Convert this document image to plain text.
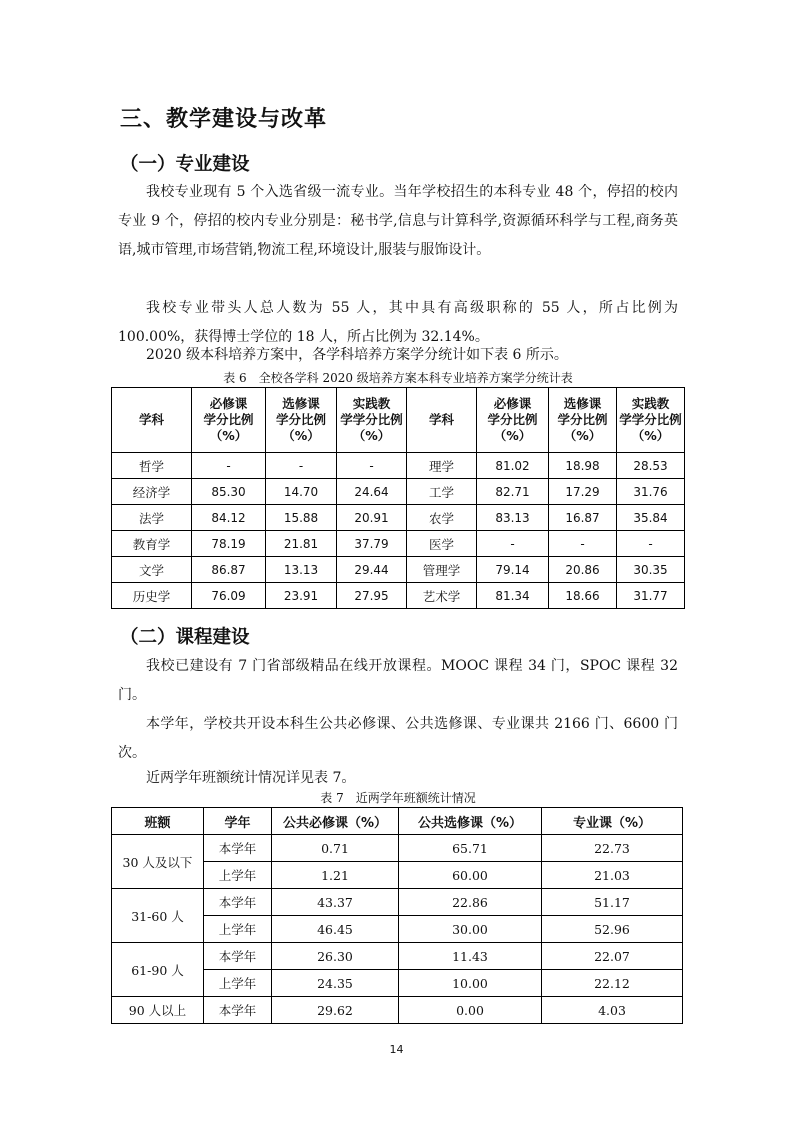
三、教学建设与改革
（一）专业建设

我校专业现有 5 个入选省级一流专业。当年学校招生的本科专业 48 个，停招的校内专业 9 个，停招的校内专业分别是：秘书学,信息与计算科学,资源循环科学与工程,商务英语,城市管理,市场营销,物流工程,环境设计,服装与服饰设计。

我校专业带头人总人数为 55 人，其中具有高级职称的 55 人，所占比例为 100.00%，获得博士学位的 18 人，所占比例为 32.14%。

2020 级本科培养方案中，各学科培养方案学分统计如下表 6 所示。

表 6　全校各学科 2020 级培养方案本科专业培养方案学分统计表

学科	必修课
学分比例
（%）	选修课
学分比例
（%）	实践教
学学分比例
（%）	学科	必修课
学分比例
（%）	选修课
学分比例
（%）	实践教
学学分比例
（%）
哲学	-	-	-	理学	81.02	18.98	28.53
经济学	85.30	14.70	24.64	工学	82.71	17.29	31.76
法学	84.12	15.88	20.91	农学	83.13	16.87	35.84
教育学	78.19	21.81	37.79	医学	-	-	-
文学	86.87	13.13	29.44	管理学	79.14	20.86	30.35
历史学	76.09	23.91	27.95	艺术学	81.34	18.66	31.77
（二）课程建设

我校已建设有 7 门省部级精品在线开放课程。MOOC 课程 34 门，SPOC 课程 32 门。

本学年，学校共开设本科生公共必修课、公共选修课、专业课共 2166 门、6600 门次。

近两学年班额统计情况详见表 7。

表 7　近两学年班额统计情况

班额	学年	公共必修课（%）	公共选修课（%）	专业课（%）
30 人及以下	本学年	0.71	65.71	22.73
	上学年	1.21	60.00	21.03
31-60 人	本学年	43.37	22.86	51.17
	上学年	46.45	30.00	52.96
61-90 人	本学年	26.30	11.43	22.07
	上学年	24.35	10.00	22.12
90 人以上	本学年	29.62	0.00	4.03
14
